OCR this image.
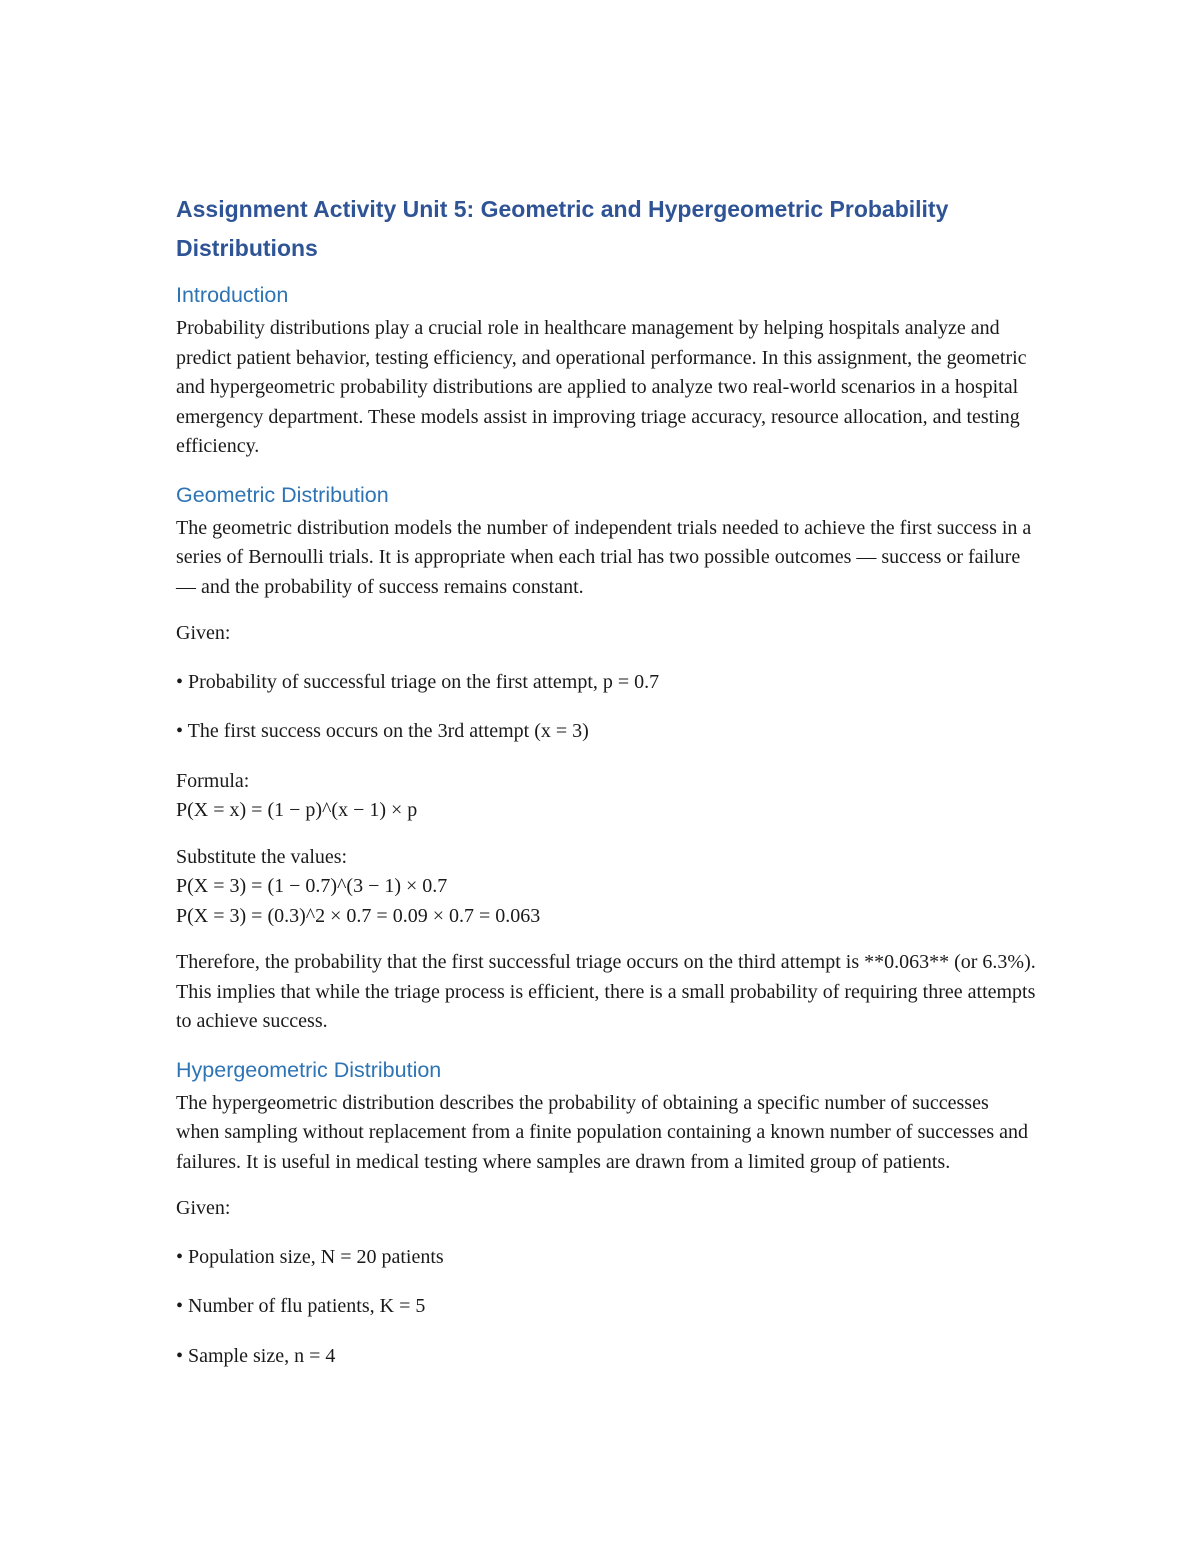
Assignment Activity Unit 5: Geometric and Hypergeometric Probability Distributions
Introduction
Probability distributions play a crucial role in healthcare management by helping hospitals analyze and predict patient behavior, testing efficiency, and operational performance. In this assignment, the geometric and hypergeometric probability distributions are applied to analyze two real-world scenarios in a hospital emergency department. These models assist in improving triage accuracy, resource allocation, and testing efficiency.
Geometric Distribution
The geometric distribution models the number of independent trials needed to achieve the first success in a series of Bernoulli trials. It is appropriate when each trial has two possible outcomes — success or failure — and the probability of success remains constant.
Given:
• Probability of successful triage on the first attempt, p = 0.7
• The first success occurs on the 3rd attempt (x = 3)
Formula:
P(X = x) = (1 − p)^(x − 1) × p
Substitute the values:
P(X = 3) = (1 − 0.7)^(3 − 1) × 0.7
P(X = 3) = (0.3)^2 × 0.7 = 0.09 × 0.7 = 0.063
Therefore, the probability that the first successful triage occurs on the third attempt is **0.063** (or 6.3%). This implies that while the triage process is efficient, there is a small probability of requiring three attempts to achieve success.
Hypergeometric Distribution
The hypergeometric distribution describes the probability of obtaining a specific number of successes when sampling without replacement from a finite population containing a known number of successes and failures. It is useful in medical testing where samples are drawn from a limited group of patients.
Given:
• Population size, N = 20 patients
• Number of flu patients, K = 5
• Sample size, n = 4
